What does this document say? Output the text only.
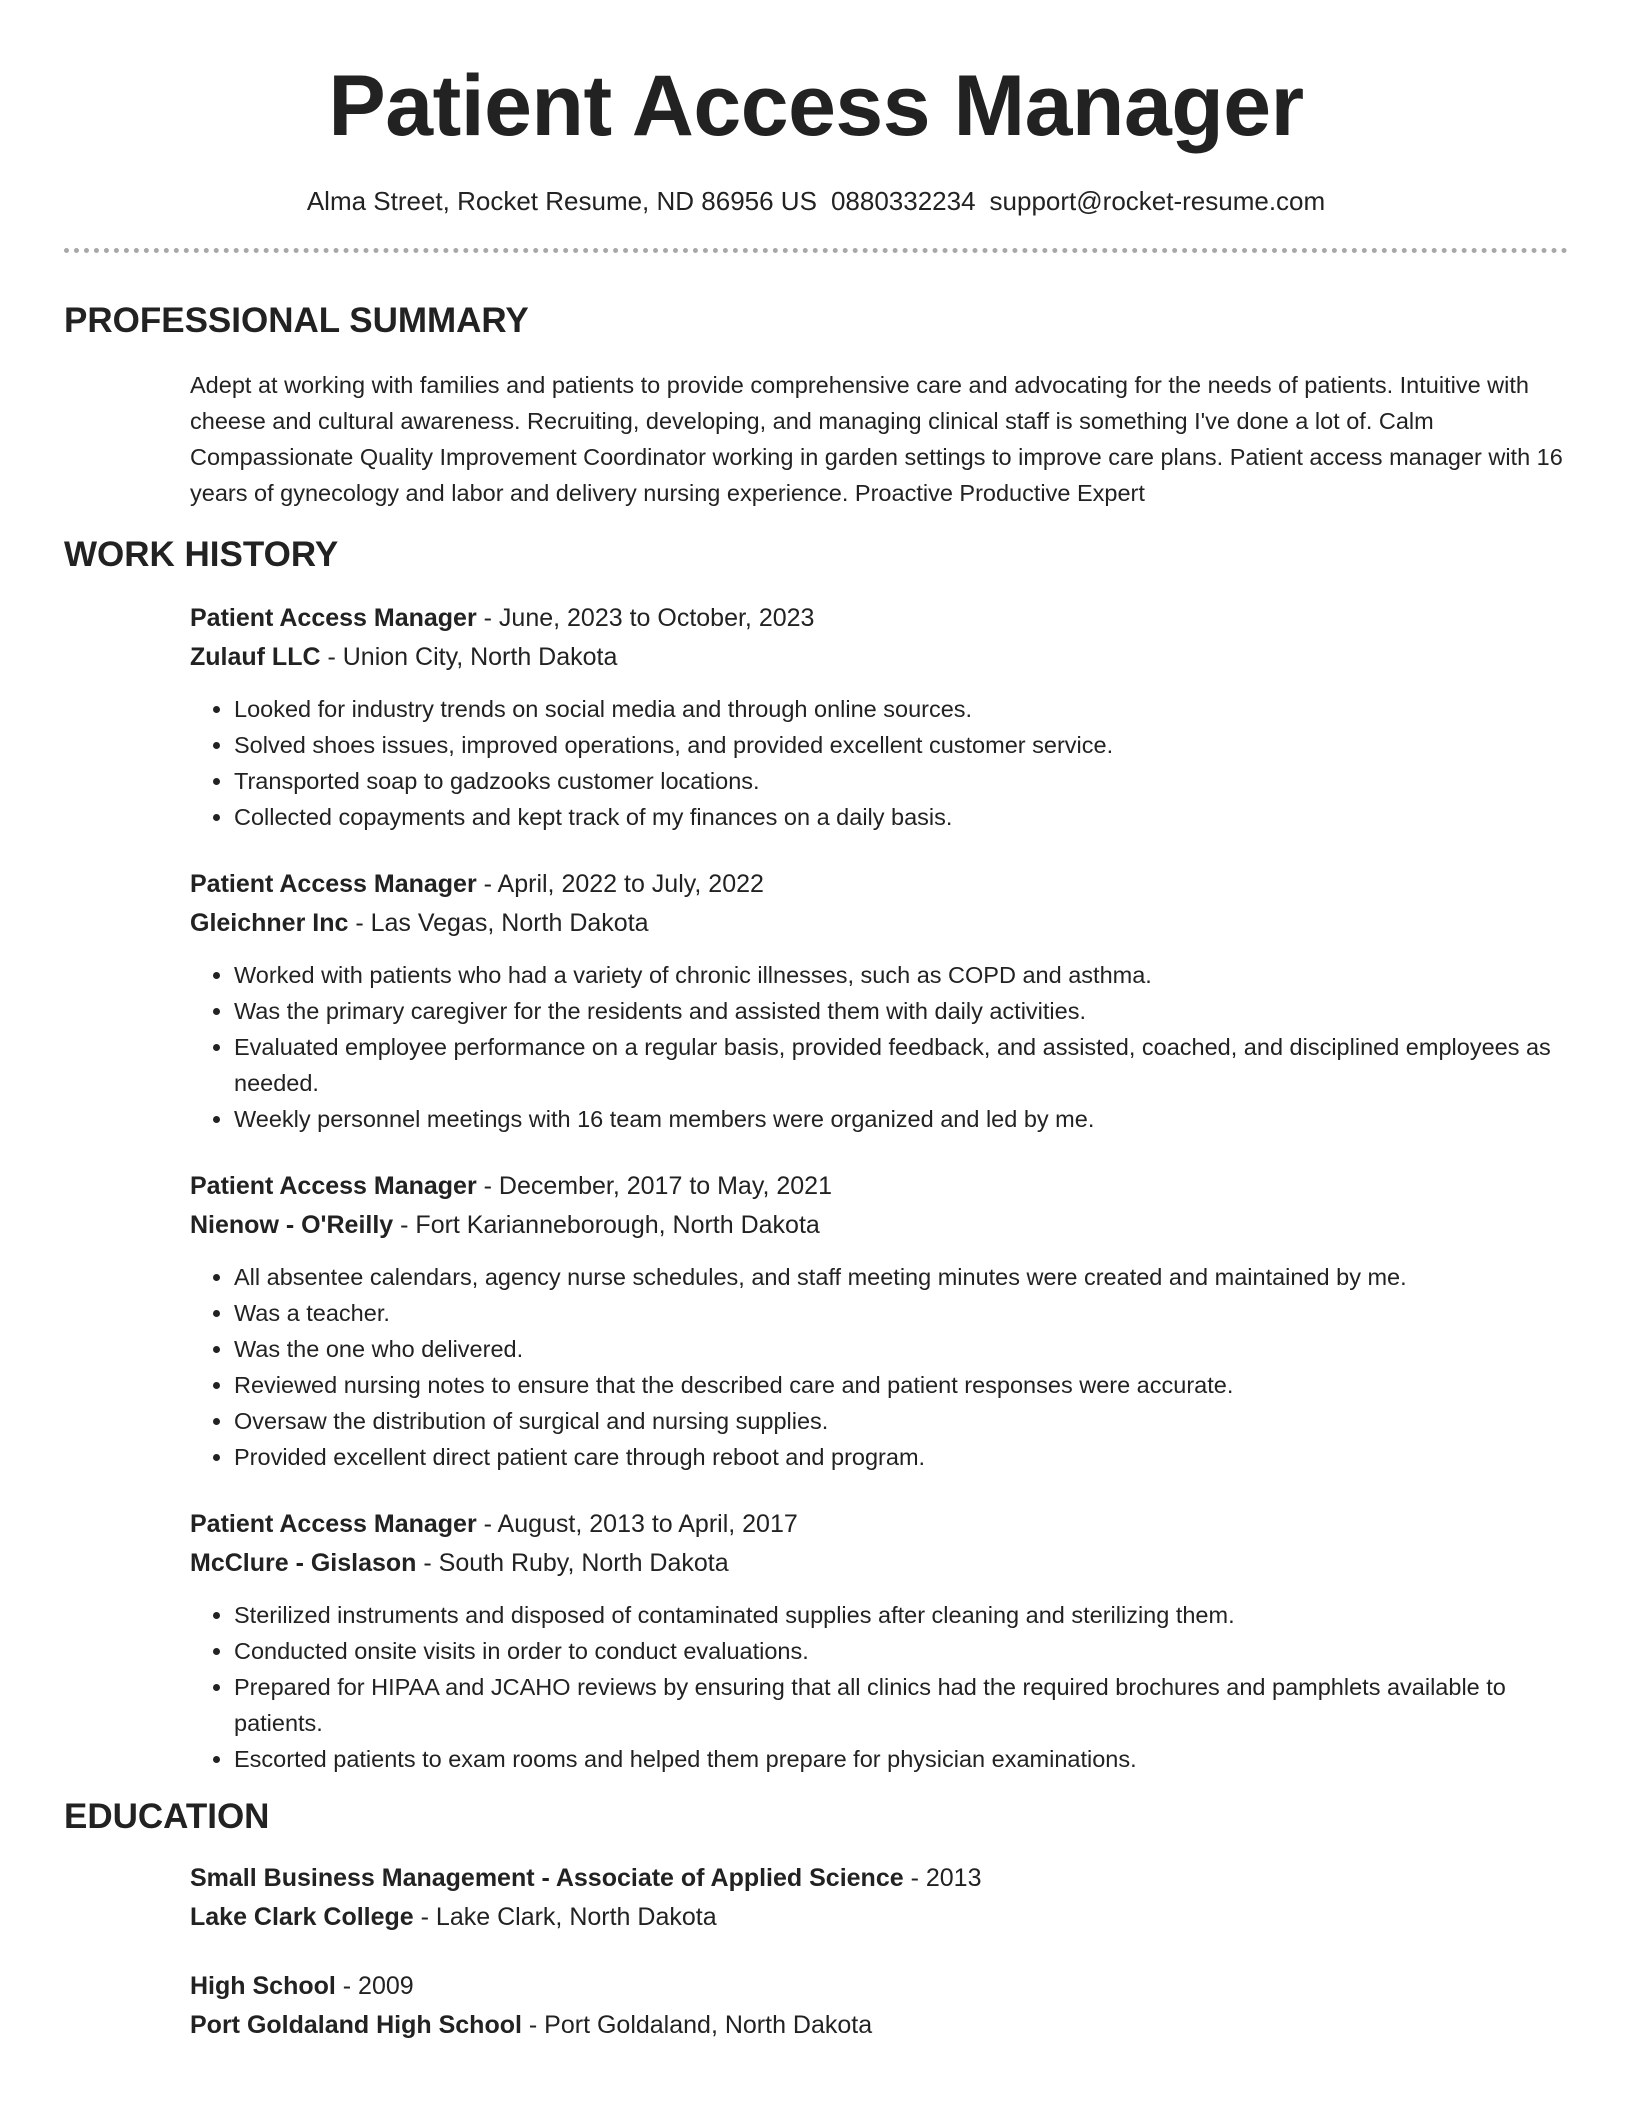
Patient Access Manager
Alma Street, Rocket Resume, ND 86956 US 0880332234 support@rocket-resume.com
PROFESSIONAL SUMMARY
Adept at working with families and patients to provide comprehensive care and advocating for the needs of patients. Intuitive with cheese and cultural awareness. Recruiting, developing, and managing clinical staff is something I've done a lot of. Calm Compassionate Quality Improvement Coordinator working in garden settings to improve care plans. Patient access manager with 16 years of gynecology and labor and delivery nursing experience. Proactive Productive Expert
WORK HISTORY
Patient Access Manager - June, 2023 to October, 2023
Zulauf LLC - Union City, North Dakota
• Looked for industry trends on social media and through online sources.
• Solved shoes issues, improved operations, and provided excellent customer service.
• Transported soap to gadzooks customer locations.
• Collected copayments and kept track of my finances on a daily basis.
Patient Access Manager - April, 2022 to July, 2022
Gleichner Inc - Las Vegas, North Dakota
• Worked with patients who had a variety of chronic illnesses, such as COPD and asthma.
• Was the primary caregiver for the residents and assisted them with daily activities.
• Evaluated employee performance on a regular basis, provided feedback, and assisted, coached, and disciplined employees as needed.
• Weekly personnel meetings with 16 team members were organized and led by me.
Patient Access Manager - December, 2017 to May, 2021
Nienow - O'Reilly - Fort Karianneborough, North Dakota
• All absentee calendars, agency nurse schedules, and staff meeting minutes were created and maintained by me.
• Was a teacher.
• Was the one who delivered.
• Reviewed nursing notes to ensure that the described care and patient responses were accurate.
• Oversaw the distribution of surgical and nursing supplies.
• Provided excellent direct patient care through reboot and program.
Patient Access Manager - August, 2013 to April, 2017
McClure - Gislason - South Ruby, North Dakota
• Sterilized instruments and disposed of contaminated supplies after cleaning and sterilizing them.
• Conducted onsite visits in order to conduct evaluations.
• Prepared for HIPAA and JCAHO reviews by ensuring that all clinics had the required brochures and pamphlets available to patients.
• Escorted patients to exam rooms and helped them prepare for physician examinations.
EDUCATION
Small Business Management - Associate of Applied Science - 2013
Lake Clark College - Lake Clark, North Dakota
High School - 2009
Port Goldaland High School - Port Goldaland, North Dakota
